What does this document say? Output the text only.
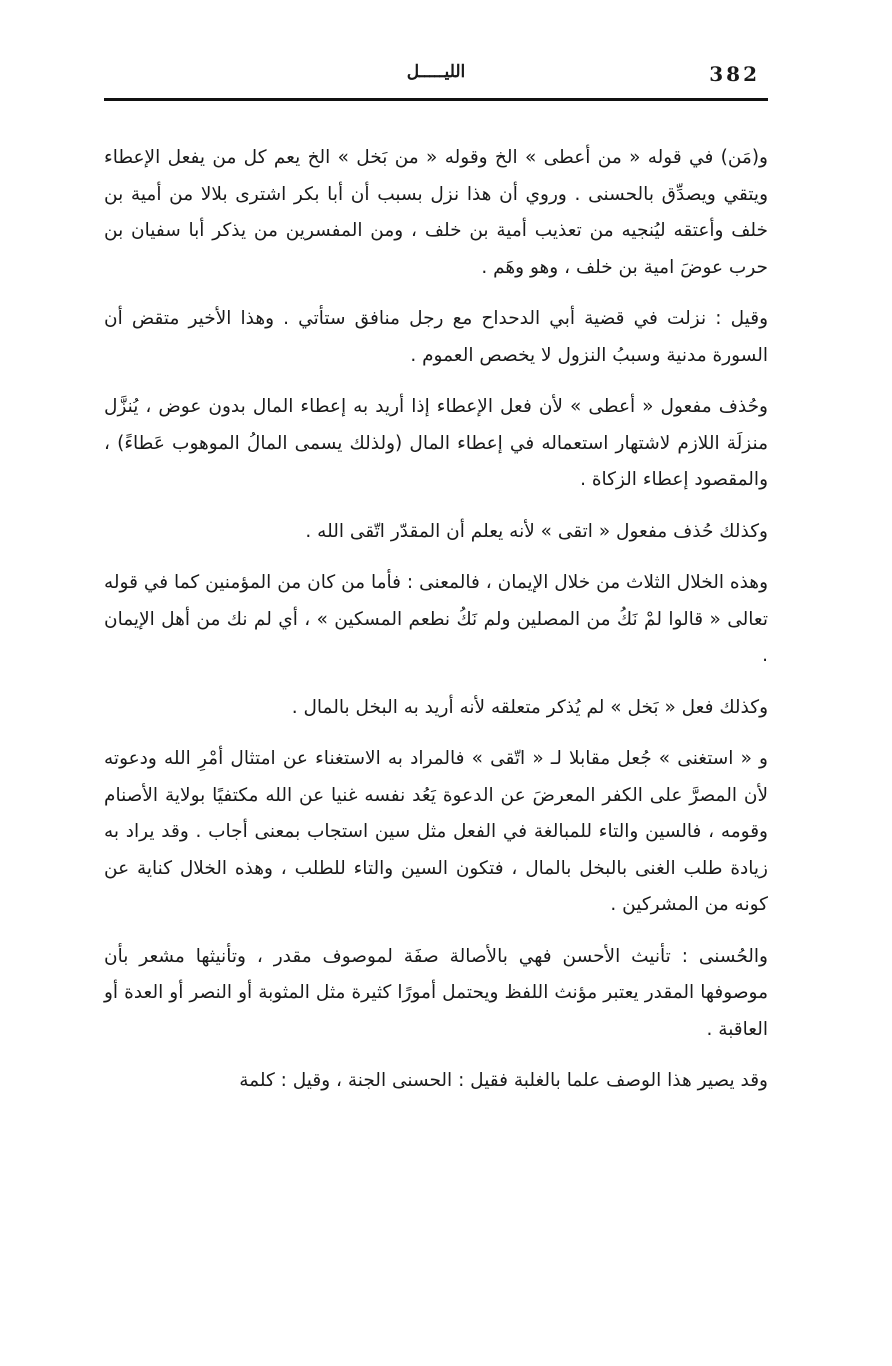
382
الليـــــل

و(مَن) في قوله « من أعطى » الخ وقوله « من بَخل » الخ يعم كل من يفعل الإعطاء ويتقي ويصدِّق بالحسنى . وروي أن هذا نزل بسبب أن أبا بكر اشترى بلالا من أمية بن خلف وأعتقه ليُنجيه من تعذيب أمية بن خلف ، ومن المفسرين من يذكر أبا سفيان بن حرب عوضَ امية بن خلف ، وهو وهَم .

وقيل : نزلت في قضية أبي الدحداح مع رجل منافق ستأتي . وهذا الأخير متقض أن السورة مدنية وسببُ النزول لا يخصص العموم .

وحُذف مفعول « أعطى » لأن فعل الإعطاء إذا أريد به إعطاء المال بدون عوض ، يُنزَّل منزلَة اللازم لاشتهار استعماله في إعطاء المال (ولذلك يسمى المالُ الموهوب عَطاءً) ، والمقصود إعطاء الزكاة .

وكذلك حُذف مفعول « اتقى » لأنه يعلم أن المقدّر اتّقى الله .

وهذه الخلال الثلاث من خلال الإيمان ، فالمعنى : فأما من كان من المؤمنين كما في قوله تعالى « قالوا لمْ نَكُ من المصلين ولم نَكُ نطعم المسكين » ، أي لم نك من أهل الإيمان .

وكذلك فعل « بَخل » لم يُذكر متعلقه لأنه أريد به البخل بالمال .

و « استغنى » جُعل مقابلا لـ « اتّقى » فالمراد به الاستغناء عن امتثال أمْرِ الله ودعوته لأن المصرَّ على الكفر المعرضَ عن الدعوة يَعُد نفسه غنيا عن الله مكتفيًا بولاية الأصنام وقومه ، فالسين والتاء للمبالغة في الفعل مثل سين استجاب بمعنى أجاب . وقد يراد به زيادة طلب الغنى بالبخل بالمال ، فتكون السين والتاء للطلب ، وهذه الخلال كناية عن كونه من المشركين .

والحُسنى : تأنيث الأحسن فهي بالأصالة صفَة لموصوف مقدر ، وتأنيثها مشعر بأن موصوفها المقدر يعتبر مؤنث اللفظ ويحتمل أمورًا كثيرة مثل المثوبة أو النصر أو العدة أو العاقبة .

وقد يصير هذا الوصف علما بالغلبة فقيل : الحسنى الجنة ، وقيل : كلمة
